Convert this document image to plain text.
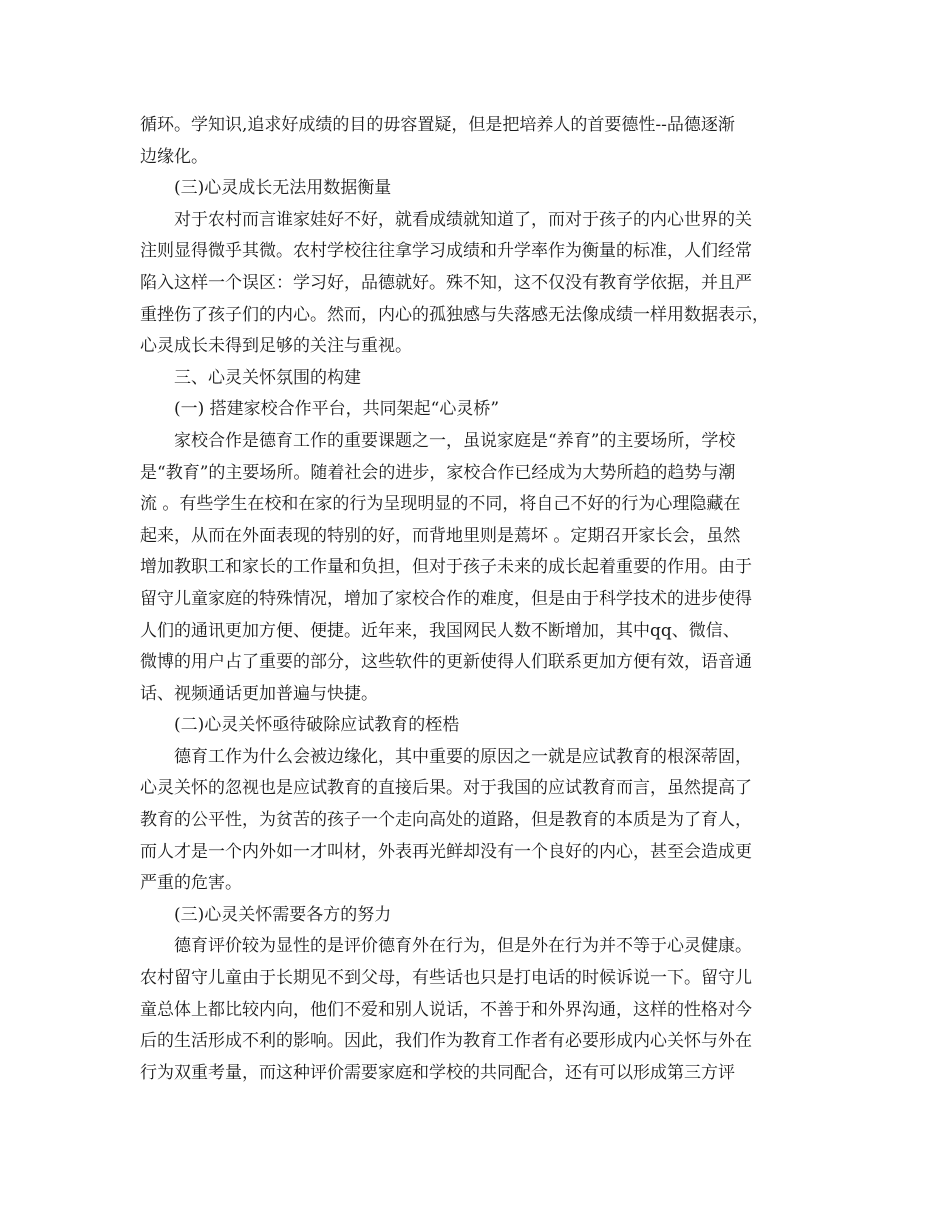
循环。学知识,追求好成绩的目的毋容置疑，但是把培养人的首要德性--品德逐渐
边缘化。
(三)心灵成长无法用数据衡量
对于农村而言谁家娃好不好，就看成绩就知道了，而对于孩子的内心世界的关
注则显得微乎其微。农村学校往往拿学习成绩和升学率作为衡量的标准，人们经常
陷入这样一个误区：学习好，品德就好。殊不知，这不仅没有教育学依据，并且严
重挫伤了孩子们的内心。然而，内心的孤独感与失落感无法像成绩一样用数据表示，
心灵成长未得到足够的关注与重视。
三、心灵关怀氛围的构建
(一) 搭建家校合作平台，共同架起“心灵桥”
家校合作是德育工作的重要课题之一，虽说家庭是“养育”的主要场所，学校
是“教育”的主要场所。随着社会的进步，家校合作已经成为大势所趋的趋势与潮
流 。有些学生在校和在家的行为呈现明显的不同，将自己不好的行为心理隐藏在
起来，从而在外面表现的特别的好，而背地里则是蔫坏 。定期召开家长会，虽然
增加教职工和家长的工作量和负担，但对于孩子未来的成长起着重要的作用。由于
留守儿童家庭的特殊情况，增加了家校合作的难度，但是由于科学技术的进步使得
人们的通讯更加方便、便捷。近年来，我国网民人数不断增加，其中qq、微信、
微博的用户占了重要的部分，这些软件的更新使得人们联系更加方便有效，语音通
话、视频通话更加普遍与快捷。
(二)心灵关怀亟待破除应试教育的桎梏
德育工作为什么会被边缘化，其中重要的原因之一就是应试教育的根深蒂固，
心灵关怀的忽视也是应试教育的直接后果。对于我国的应试教育而言，虽然提高了
教育的公平性，为贫苦的孩子一个走向高处的道路，但是教育的本质是为了育人，
而人才是一个内外如一才叫材，外表再光鲜却没有一个良好的内心，甚至会造成更
严重的危害。
(三)心灵关怀需要各方的努力
德育评价较为显性的是评价德育外在行为，但是外在行为并不等于心灵健康。
农村留守儿童由于长期见不到父母，有些话也只是打电话的时候诉说一下。留守儿
童总体上都比较内向，他们不爱和别人说话，不善于和外界沟通，这样的性格对今
后的生活形成不利的影响。因此，我们作为教育工作者有必要形成内心关怀与外在
行为双重考量，而这种评价需要家庭和学校的共同配合，还有可以形成第三方评
